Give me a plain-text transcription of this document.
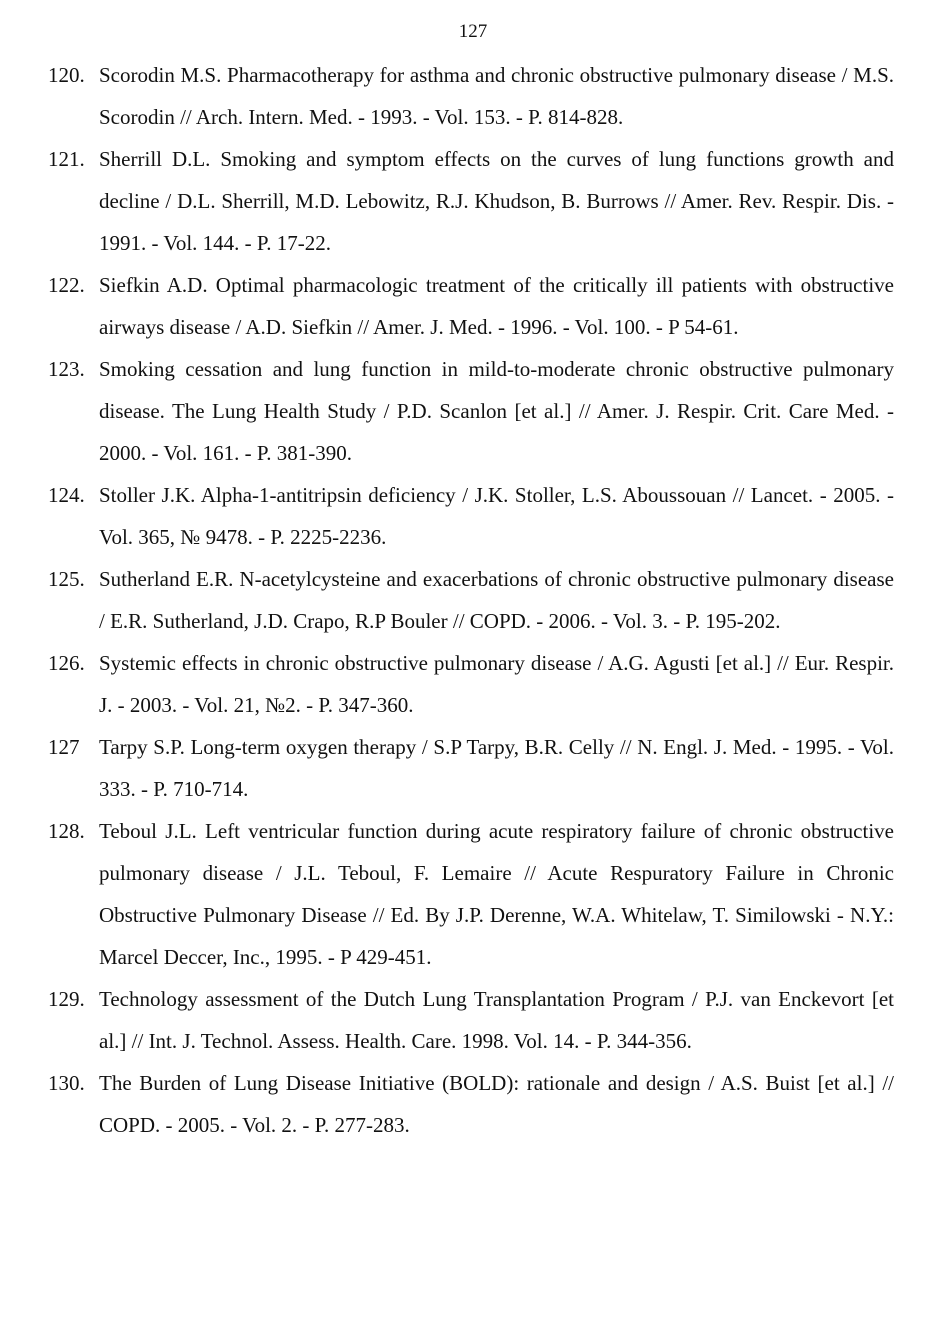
127
120. Scorodin M.S. Pharmacotherapy for asthma and chronic obstructive pulmonary disease / M.S. Scorodin // Arch. Intern. Med. - 1993. - Vol. 153. - P. 814-828.
121. Sherrill D.L. Smoking and symptom effects on the curves of lung functions growth and decline / D.L. Sherrill, M.D. Lebowitz, R.J. Khudson, B. Burrows // Amer. Rev. Respir. Dis. - 1991. - Vol. 144. - P. 17-22.
122. Siefkin A.D. Optimal pharmacologic treatment of the critically ill patients with obstructive airways disease / A.D. Siefkin // Amer. J. Med. - 1996. - Vol. 100. - P 54-61.
123. Smoking cessation and lung function in mild-to-moderate chronic obstructive pulmonary disease. The Lung Health Study / P.D. Scanlon [et al.] // Amer. J. Respir. Crit. Care Med. - 2000. - Vol. 161. - P. 381-390.
124. Stoller J.K. Alpha-1-antitripsin deficiency / J.K. Stoller, L.S. Aboussouan // Lancet. - 2005. - Vol. 365, № 9478. - P. 2225-2236.
125. Sutherland E.R. N-acetylcysteine and exacerbations of chronic obstructive pulmonary disease / E.R. Sutherland, J.D. Crapo, R.P Bouler // COPD. - 2006. - Vol. 3. - P. 195-202.
126. Systemic effects in chronic obstructive pulmonary disease / A.G. Agusti [et al.] // Eur. Respir. J. - 2003. - Vol. 21, №2. - P. 347-360.
127 Tarpy S.P. Long-term oxygen therapy / S.P Tarpy, B.R. Celly // N. Engl. J. Med. - 1995. - Vol. 333. - P. 710-714.
128. Teboul J.L. Left ventricular function during acute respiratory failure of chronic obstructive pulmonary disease / J.L. Teboul, F. Lemaire // Acute Respuratory Failure in Chronic Obstructive Pulmonary Disease // Ed. By J.P. Derenne, W.A. Whitelaw, T. Similowski - N.Y.: Marcel Deccer, Inc., 1995. - P 429-451.
129. Technology assessment of the Dutch Lung Transplantation Program / P.J. van Enckevort [et al.] // Int. J. Technol. Assess. Health. Care. 1998. Vol. 14. - P. 344-356.
130. The Burden of Lung Disease Initiative (BOLD): rationale and design / A.S. Buist [et al.] // COPD. - 2005. - Vol. 2. - P. 277-283.
